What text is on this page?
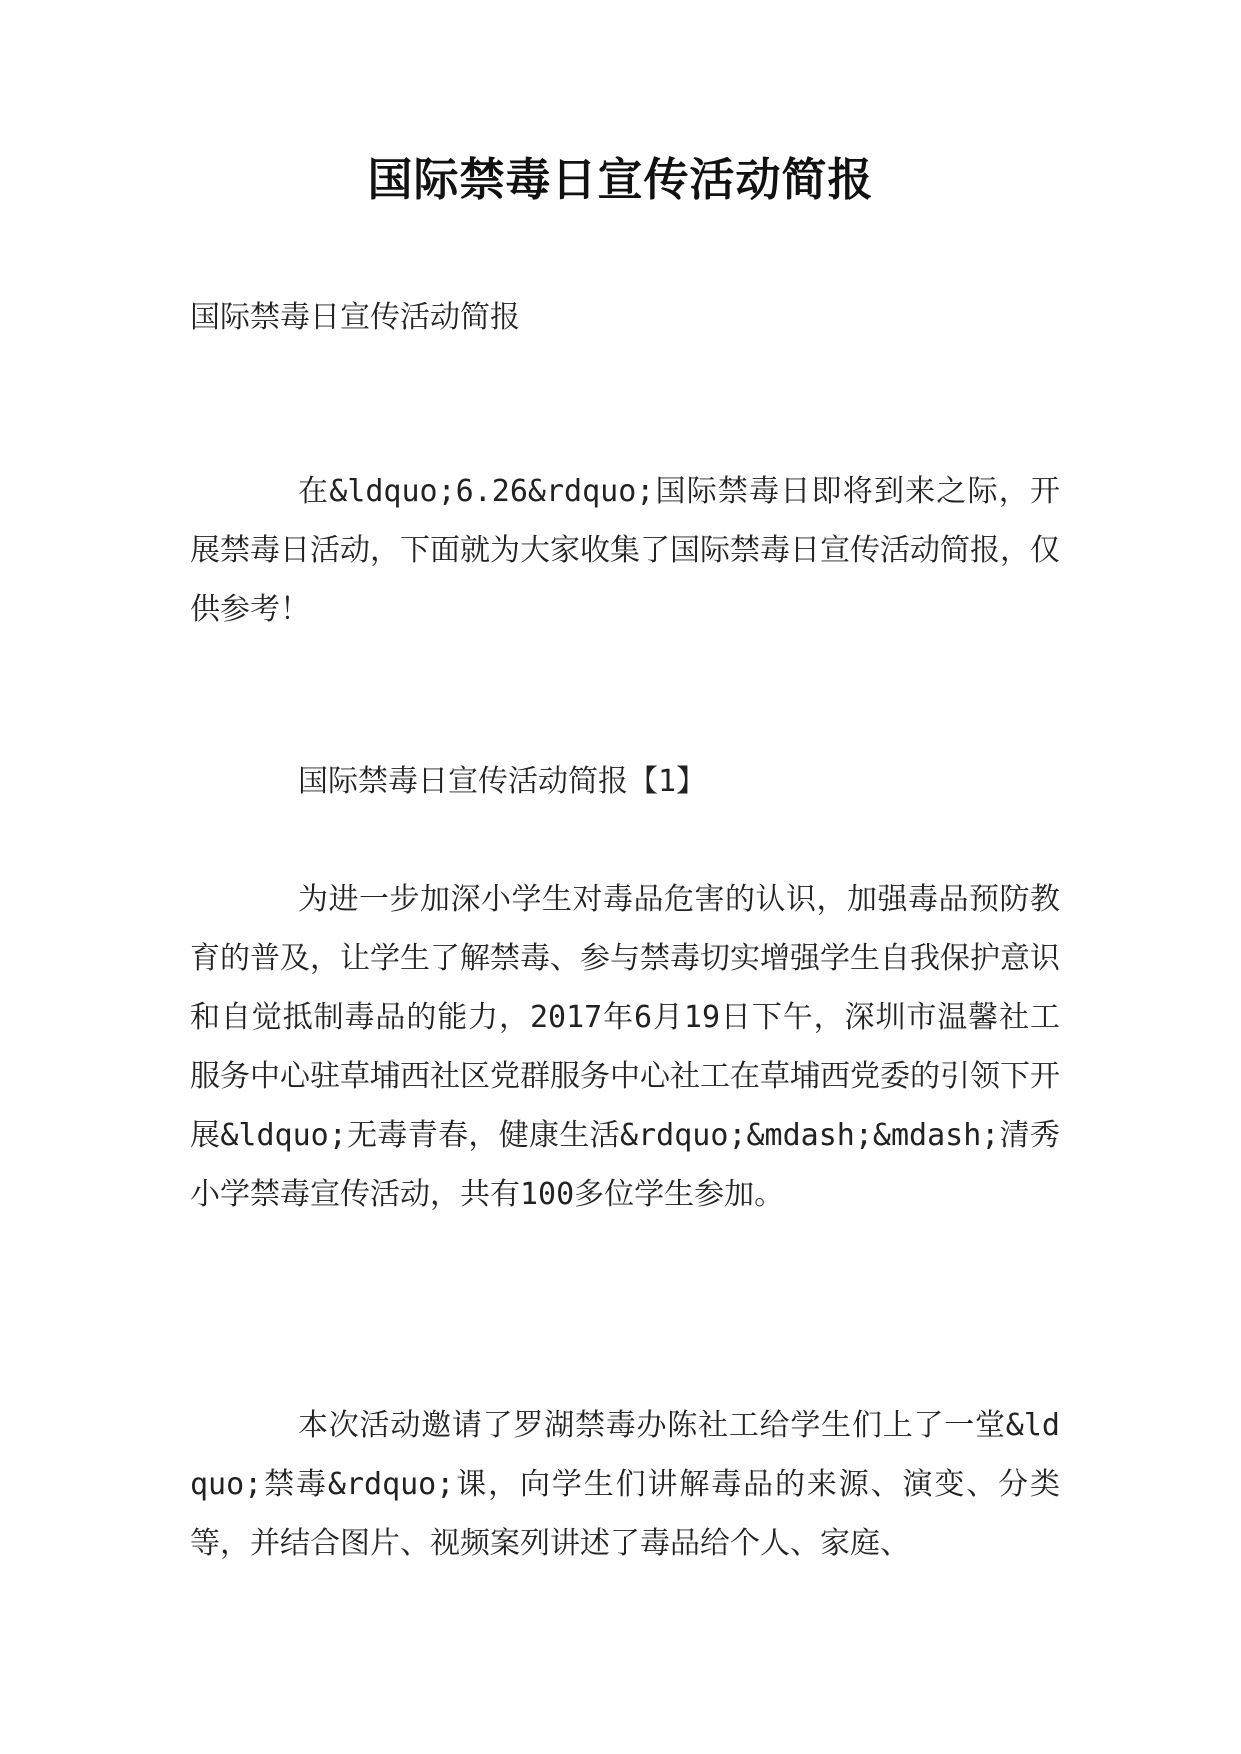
国际禁毒日宣传活动简报

国际禁毒日宣传活动简报

在&ldquo;6.26&rdquo;国际禁毒日即将到来之际，开展禁毒日活动，下面就为大家收集了国际禁毒日宣传活动简报，仅供参考！

国际禁毒日宣传活动简报【1】

为进一步加深小学生对毒品危害的认识，加强毒品预防教育的普及，让学生了解禁毒、参与禁毒切实增强学生自我保护意识和自觉抵制毒品的能力，2017年6月19日下午，深圳市温馨社工服务中心驻草埔西社区党群服务中心社工在草埔西党委的引领下开展&ldquo;无毒青春，健康生活&rdquo;&mdash;&mdash;清秀小学禁毒宣传活动，共有100多位学生参加。

本次活动邀请了罗湖禁毒办陈社工给学生们上了一堂&ldquo;禁毒&rdquo;课，向学生们讲解毒品的来源、演变、分类等，并结合图片、视频案列讲述了毒品给个人、家庭、
